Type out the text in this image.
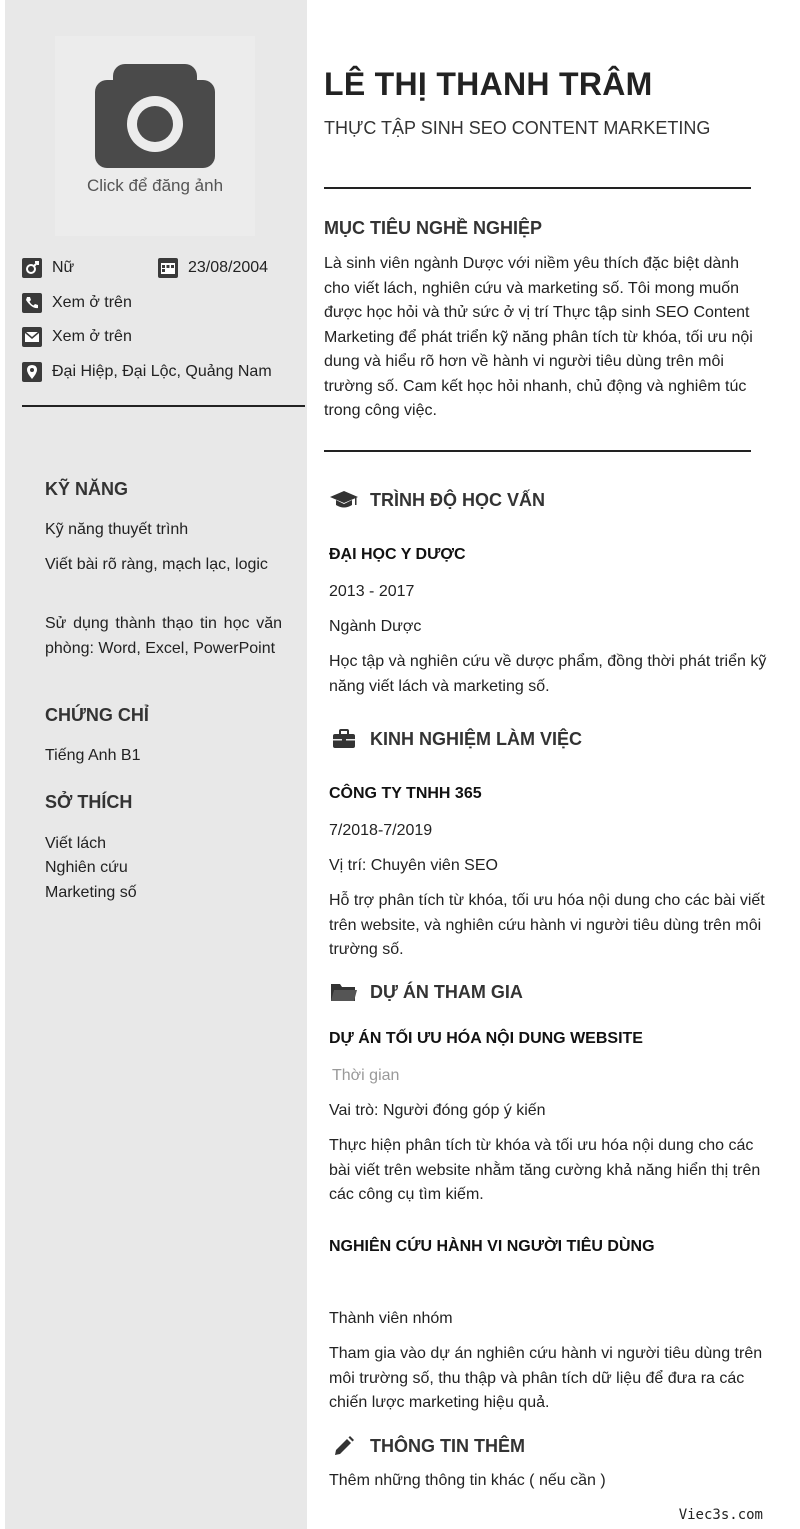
Click để đăng ảnh
Nữ	23/08/2004
Xem ở trên
Xem ở trên
Đại Hiệp, Đại Lộc, Quảng Nam
KỸ NĂNG
Kỹ năng thuyết trình
Viết bài rõ ràng, mạch lạc, logic
Sử dụng thành thạo tin học văn phòng: Word, Excel, PowerPoint
CHỨNG CHỈ
Tiếng Anh B1
SỞ THÍCH
Viết lách
Nghiên cứu
Marketing số
LÊ THỊ THANH TRÂM
THỰC TẬP SINH SEO CONTENT MARKETING
MỤC TIÊU NGHỀ NGHIỆP
Là sinh viên ngành Dược với niềm yêu thích đặc biệt dành cho viết lách, nghiên cứu và marketing số. Tôi mong muốn được học hỏi và thử sức ở vị trí Thực tập sinh SEO Content Marketing để phát triển kỹ năng phân tích từ khóa, tối ưu nội dung và hiểu rõ hơn về hành vi người tiêu dùng trên môi trường số. Cam kết học hỏi nhanh, chủ động và nghiêm túc trong công việc.
TRÌNH ĐỘ HỌC VẤN
ĐẠI HỌC Y DƯỢC
2013 - 2017
Ngành Dược
Học tập và nghiên cứu về dược phẩm, đồng thời phát triển kỹ năng viết lách và marketing số.
KINH NGHIỆM LÀM VIỆC
CÔNG TY TNHH 365
7/2018-7/2019
Vị trí: Chuyên viên SEO
Hỗ trợ phân tích từ khóa, tối ưu hóa nội dung cho các bài viết trên website, và nghiên cứu hành vi người tiêu dùng trên môi trường số.
DỰ ÁN THAM GIA
DỰ ÁN TỐI ƯU HÓA NỘI DUNG WEBSITE
Thời gian
Vai trò: Người đóng góp ý kiến
Thực hiện phân tích từ khóa và tối ưu hóa nội dung cho các bài viết trên website nhằm tăng cường khả năng hiển thị trên các công cụ tìm kiếm.
NGHIÊN CỨU HÀNH VI NGƯỜI TIÊU DÙNG
Thành viên nhóm
Tham gia vào dự án nghiên cứu hành vi người tiêu dùng trên môi trường số, thu thập và phân tích dữ liệu để đưa ra các chiến lược marketing hiệu quả.
THÔNG TIN THÊM
Thêm những thông tin khác ( nếu cần )
Viec3s.com
